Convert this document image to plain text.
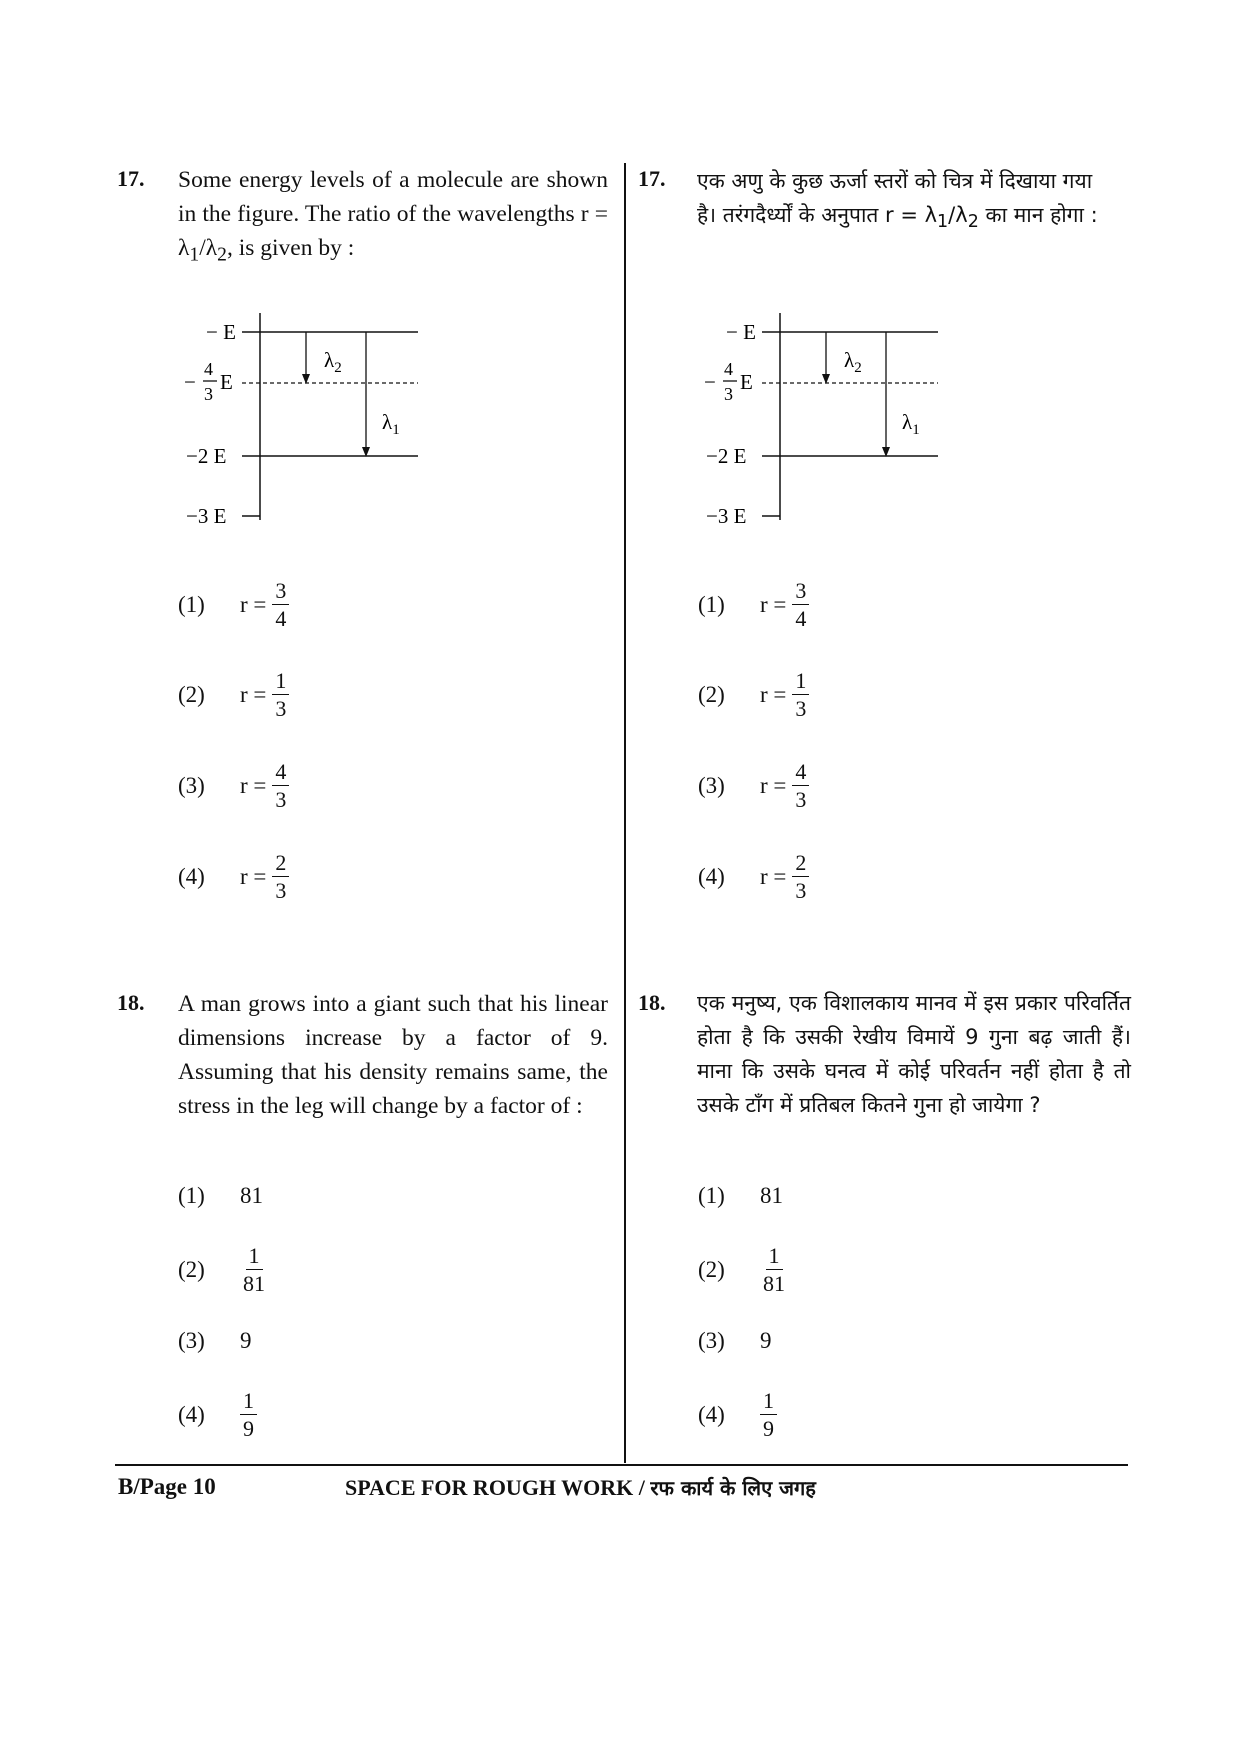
17. Some energy levels of a molecule are shown in the figure. The ratio of the wavelengths $r = \lambda_1/\lambda_2$, is given by :
− E
−
4
3 E
−2 E
−3 E
$\lambda_2$
$\lambda_1$
(1)	$r = \frac{3}{4}$
(2)	$r = \frac{1}{3}$
(3)	$r = \frac{4}{3}$
(4)	$r = \frac{2}{3}$
17. एक अणु के कुछ ऊर्जा स्तरों को चित्र में दिखाया गया
है। तरंगदैर्ध्यों के अनुपात $r = \lambda_1/\lambda_2$ का मान होगा :
− E
−
4
3 E
−2 E
−3 E
$\lambda_2$
$\lambda_1$
(1)	$r = \frac{3}{4}$
(2)	$r = \frac{1}{3}$
(3)	$r = \frac{4}{3}$
(4)	$r = \frac{2}{3}$
18. A man grows into a giant such that his linear dimensions increase by a factor of 9. Assuming that his density remains same, the stress in the leg will change by a factor of :
(1)	81
(2)	$\frac{1}{81}$
(3)	9
(4)	$\frac{1}{9}$
18. एक मनुष्य, एक विशालकाय मानव में इस प्रकार परिवर्तित होता है कि उसकी रेखीय विमायें 9 गुना बढ़ जाती हैं। माना कि उसके घनत्व में कोई परिवर्तन नहीं होता है तो उसके टाँग में प्रतिबल कितने गुना हो जायेगा ?
(1)	81
(2)	$\frac{1}{81}$
(3)	9
(4)	$\frac{1}{9}$
B/Page 10	SPACE FOR ROUGH WORK / रफ कार्य के लिए जगह
